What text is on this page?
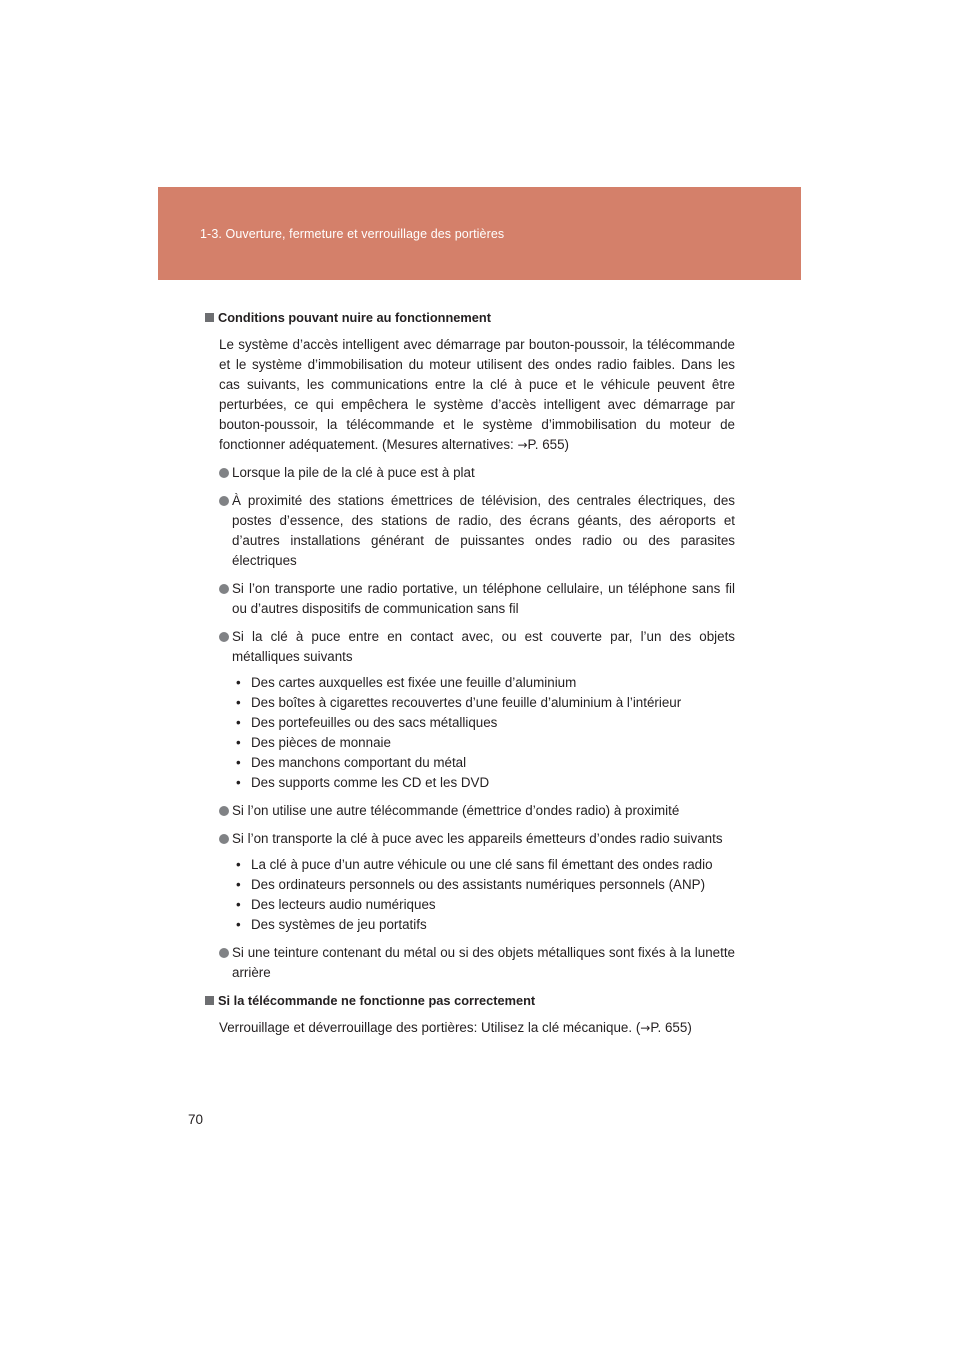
1-3. Ouverture, fermeture et verrouillage des portières
Conditions pouvant nuire au fonctionnement

Le système d’accès intelligent avec démarrage par bouton-poussoir, la télécommande et le système d’immobilisation du moteur utilisent des ondes radio faibles. Dans les cas suivants, les communications entre la clé à puce et le véhicule peuvent être perturbées, ce qui empêchera le système d’accès intelligent avec démarrage par bouton-poussoir, la télécommande et le système d’immobilisation du moteur de fonctionner adéquatement. (Mesures alternatives: →P. 655)

Lorsque la pile de la clé à puce est à plat
À proximité des stations émettrices de télévision, des centrales électriques, des postes d’essence, des stations de radio, des écrans géants, des aéroports et d’autres installations générant de puissantes ondes radio ou des parasites électriques
Si l’on transporte une radio portative, un téléphone cellulaire, un téléphone sans fil ou d’autres dispositifs de communication sans fil
Si la clé à puce entre en contact avec, ou est couverte par, l’un des objets métalliques suivants
• Des cartes auxquelles est fixée une feuille d’aluminium
• Des boîtes à cigarettes recouvertes d’une feuille d’aluminium à l’intérieur
• Des portefeuilles ou des sacs métalliques
• Des pièces de monnaie
• Des manchons comportant du métal
• Des supports comme les CD et les DVD
Si l’on utilise une autre télécommande (émettrice d’ondes radio) à proximité
Si l’on transporte la clé à puce avec les appareils émetteurs d’ondes radio suivants
• La clé à puce d’un autre véhicule ou une clé sans fil émettant des ondes radio
• Des ordinateurs personnels ou des assistants numériques personnels (ANP)
• Des lecteurs audio numériques
• Des systèmes de jeu portatifs
Si une teinture contenant du métal ou si des objets métalliques sont fixés à la lunette arrière
Si la télécommande ne fonctionne pas correctement

Verrouillage et déverrouillage des portières: Utilisez la clé mécanique. (→P. 655)

70
